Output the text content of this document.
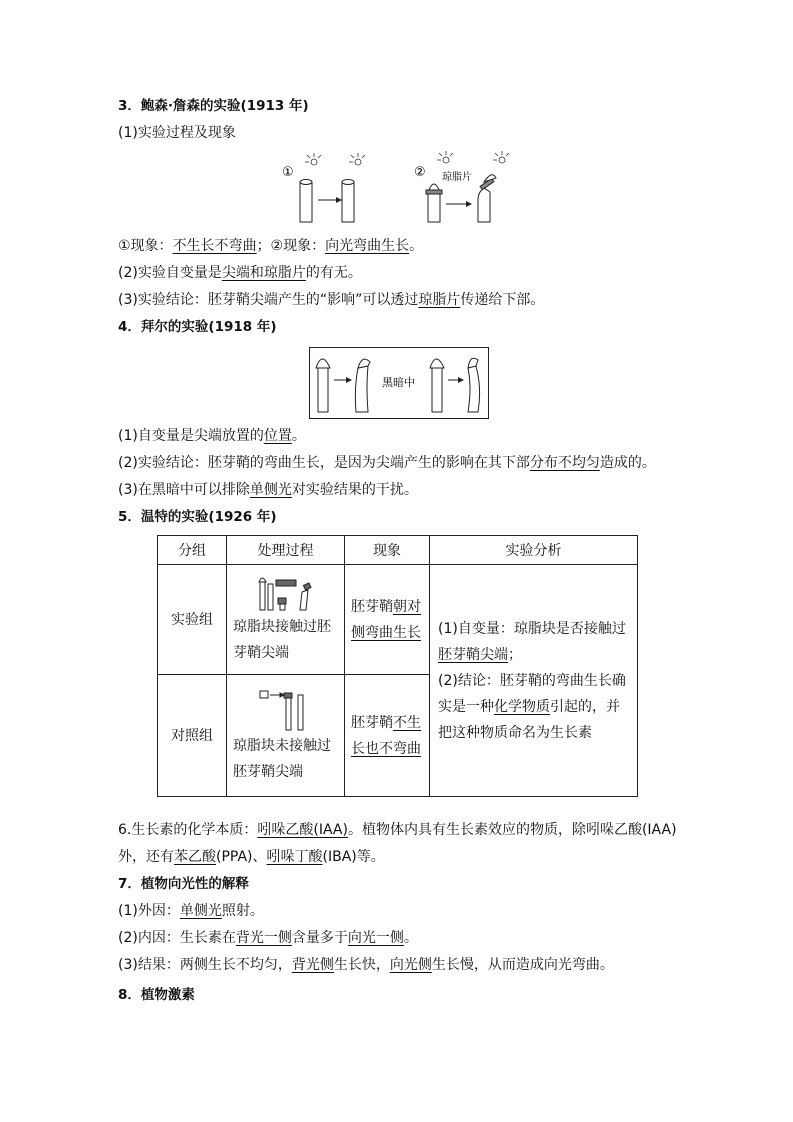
3．鲍森·詹森的实验(1913 年)
(1)实验过程及现象
①	② 琼脂片
①现象：不生长不弯曲；②现象：向光弯曲生长。
(2)实验自变量是尖端和琼脂片的有无。
(3)实验结论：胚芽鞘尖端产生的“影响”可以透过琼脂片传递给下部。
4．拜尔的实验(1918 年)
黑暗中
(1)自变量是尖端放置的位置。
(2)实验结论：胚芽鞘的弯曲生长，是因为尖端产生的影响在其下部分布不均匀造成的。
(3)在黑暗中可以排除单侧光对实验结果的干扰。
5．温特的实验(1926 年)
分组	处理过程	现象	实验分析
实验组	琼脂块接触过胚芽鞘尖端	胚芽鞘朝对侧弯曲生长	(1)自变量：琼脂块是否接触过胚芽鞘尖端；
(2)结论：胚芽鞘的弯曲生长确实是一种化学物质引起的，并把这种物质命名为生长素
对照组	琼脂块未接触过胚芽鞘尖端	胚芽鞘不生长也不弯曲	
6.生长素的化学本质：吲哚乙酸(IAA)。植物体内具有生长素效应的物质，除吲哚乙酸(IAA)
外，还有苯乙酸(PPA)、吲哚丁酸(IBA)等。
7．植物向光性的解释
(1)外因：单侧光照射。
(2)内因：生长素在背光一侧含量多于向光一侧。
(3)结果：两侧生长不均匀，背光侧生长快，向光侧生长慢，从而造成向光弯曲。
8．植物激素
